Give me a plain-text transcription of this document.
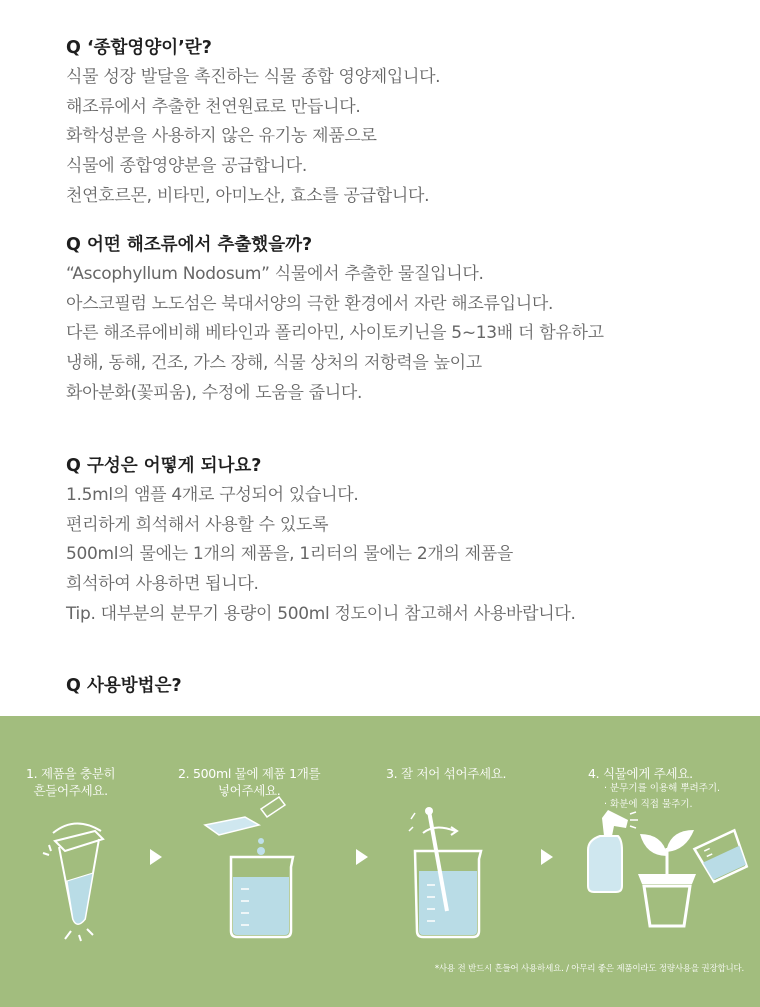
Q ‘종합영양이’란?

식물 성장 발달을 촉진하는 식물 종합 영양제입니다.

해조류에서 추출한 천연원료로 만듭니다.

화학성분을 사용하지 않은 유기농 제품으로

식물에 종합영양분을 공급합니다.

천연호르몬, 비타민, 아미노산, 효소를 공급합니다.

Q 어떤 해조류에서 추출했을까?

“Ascophyllum Nodosum” 식물에서 추출한 물질입니다.

아스코필럼 노도섬은 북대서양의 극한 환경에서 자란 해조류입니다.

다른 해조류에비해 베타인과 폴리아민, 사이토키닌을 5~13배 더 함유하고

냉해, 동해, 건조, 가스 장해, 식물 상처의 저항력을 높이고

화아분화(꽃피움), 수정에 도움을 줍니다.

Q 구성은 어떻게 되나요?

1.5ml의 앰플 4개로 구성되어 있습니다.

편리하게 희석해서 사용할 수 있도록

500ml의 물에는 1개의 제품을, 1리터의 물에는 2개의 제품을

희석하여 사용하면 됩니다.

Tip. 대부분의 분무기 용량이 500ml 정도이니 참고해서 사용바랍니다.

Q 사용방법은?

1. 제품을 충분히
흔들어주세요.
2. 500ml 물에 제품 1개를
넣어주세요.
3. 잘 저어 섞어주세요.	4. 식물에게 주세요.
· 분무기를 이용해 뿌려주기.
· 화분에 직접 물주기.
*사용 전 반드시 흔들어 사용하세요. / 아무리 좋은 제품이라도 정량사용을 권장합니다.
